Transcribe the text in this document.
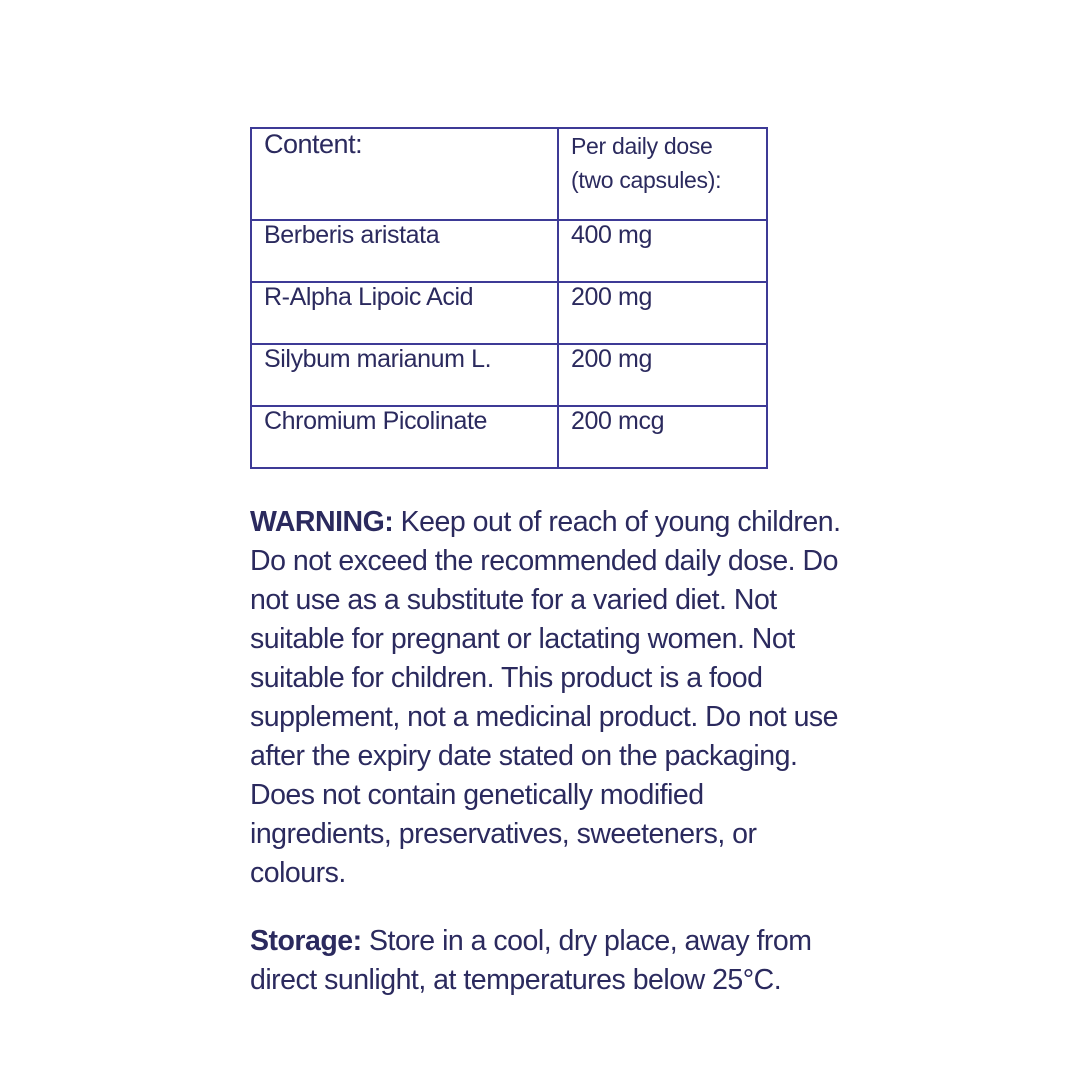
Content:	Per daily dose
(two capsules):
Berberis aristata	400 mg
R-Alpha Lipoic Acid	200 mg
Silybum marianum L.	200 mg
Chromium Picolinate	200 mcg

WARNING: Keep out of reach of young children. Do not exceed the recommended daily dose. Do not use as a substitute for a varied diet. Not suitable for pregnant or lactating women. Not suitable for children. This product is a food supplement, not a medicinal product. Do not use after the expiry date stated on the packaging. Does not contain genetically modified ingredients, preservatives, sweeteners, or colours.

Storage: Store in a cool, dry place, away from direct sunlight, at temperatures below 25°C.
